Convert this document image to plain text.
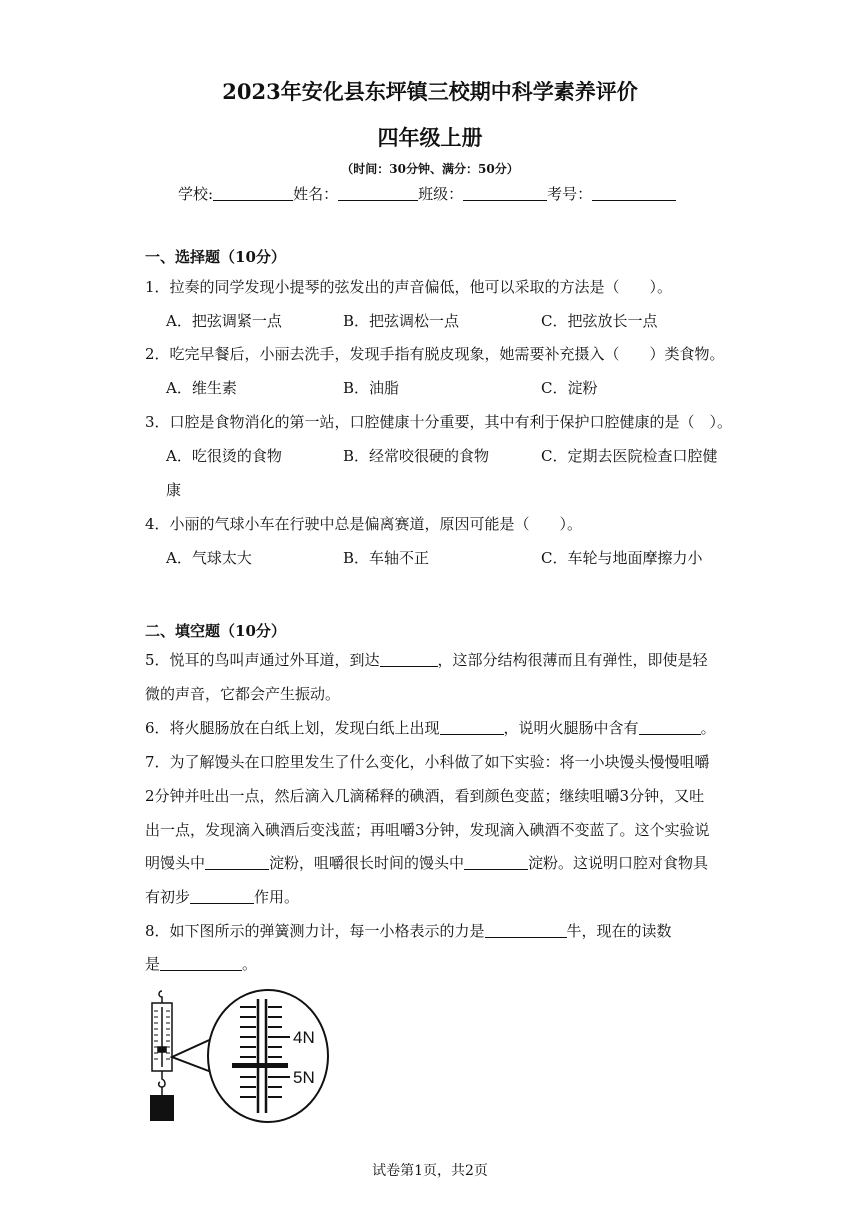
2023年安化县东坪镇三校期中科学素养评价
四年级上册
（时间：30分钟、满分：50分）
学校:	姓名：	班级：	考号：
一、选择题（10分）
1．拉奏的同学发现小提琴的弦发出的声音偏低，他可以采取的方法是（　　）。
A．把弦调紧一点	B．把弦调松一点	C．把弦放长一点
2．吃完早餐后，小丽去洗手，发现手指有脱皮现象，她需要补充摄入（　　）类食物。
A．维生素	B．油脂	C．淀粉
3．口腔是食物消化的第一站，口腔健康十分重要，其中有利于保护口腔健康的是（　）。
A．吃很烫的食物	B．经常咬很硬的食物	C．定期去医院检查口腔健
康
4．小丽的气球小车在行驶中总是偏离赛道，原因可能是（　　）。
A．气球太大	B．车轴不正	C．车轮与地面摩擦力小
二、填空题（10分）
5．悦耳的鸟叫声通过外耳道，到达	，这部分结构很薄而且有弹性，即使是轻
微的声音，它都会产生振动。
6．将火腿肠放在白纸上划，发现白纸上出现	，说明火腿肠中含有	。
7．为了解馒头在口腔里发生了什么变化，小科做了如下实验：将一小块馒头慢慢咀嚼
2分钟并吐出一点，然后滴入几滴稀释的碘酒，看到颜色变蓝；继续咀嚼3分钟，又吐
出一点，发现滴入碘酒后变浅蓝；再咀嚼3分钟，发现滴入碘酒不变蓝了。这个实验说
明馒头中	淀粉，咀嚼很长时间的馒头中	淀粉。这说明口腔对食物具
有初步	作用。
8．如下图所示的弹簧测力计，每一小格表示的力是	牛，现在的读数
是	。
4N
5N
试卷第1页，共2页
